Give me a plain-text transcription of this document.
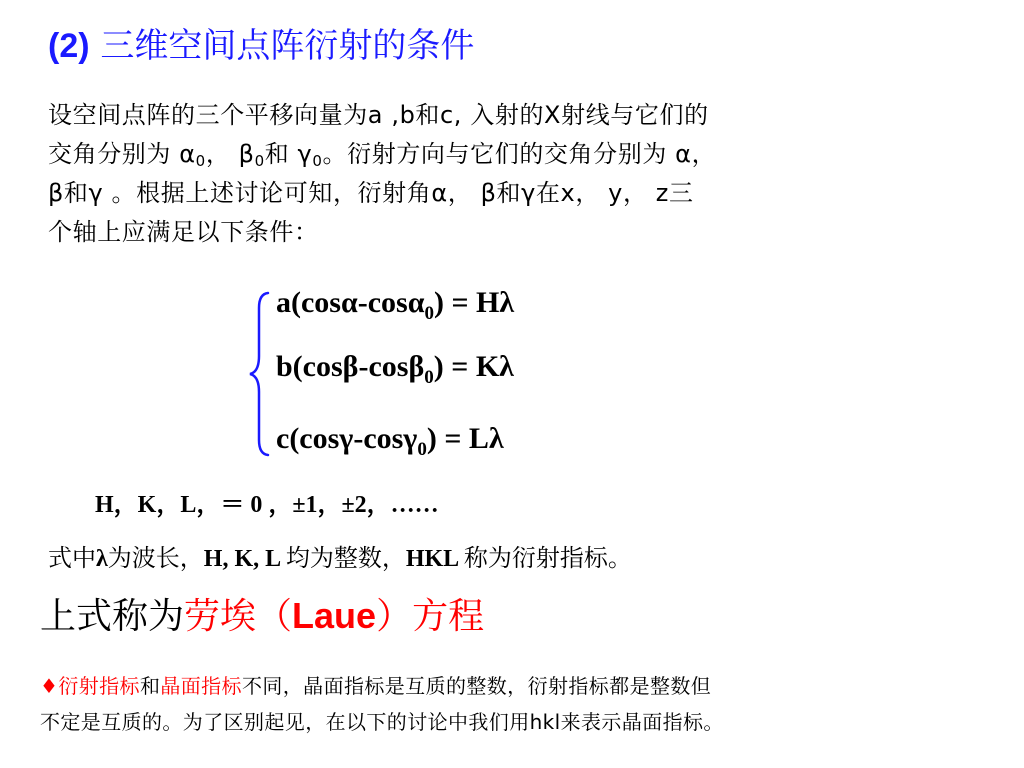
(2) 三维空间点阵衍射的条件
设空间点阵的三个平移向量为a ,b和c, 入射的X射线与它们的
交角分别为 $\alpha_0$， $\beta_0$和 $\gamma_0$。衍射方向与它们的交角分别为 α，
β和γ 。根据上述讨论可知，衍射角α， β和γ在x， y， z三
个轴上应满足以下条件：
a(cosα-cosα$_0$) = Hλ
b(cosβ-cosβ$_0$) = Kλ
c(cosγ-cosγ$_0$) = Lλ
H，K，L，＝ 0 ，±1，±2，……
式中λ为波长，H, K, L 均为整数，HKL 称为衍射指标。
上式称为劳埃（Laue）方程
♦衍射指标和晶面指标不同，晶面指标是互质的整数，衍射指标都是整数但
不定是互质的。为了区别起见，在以下的讨论中我们用hkl来表示晶面指标。
